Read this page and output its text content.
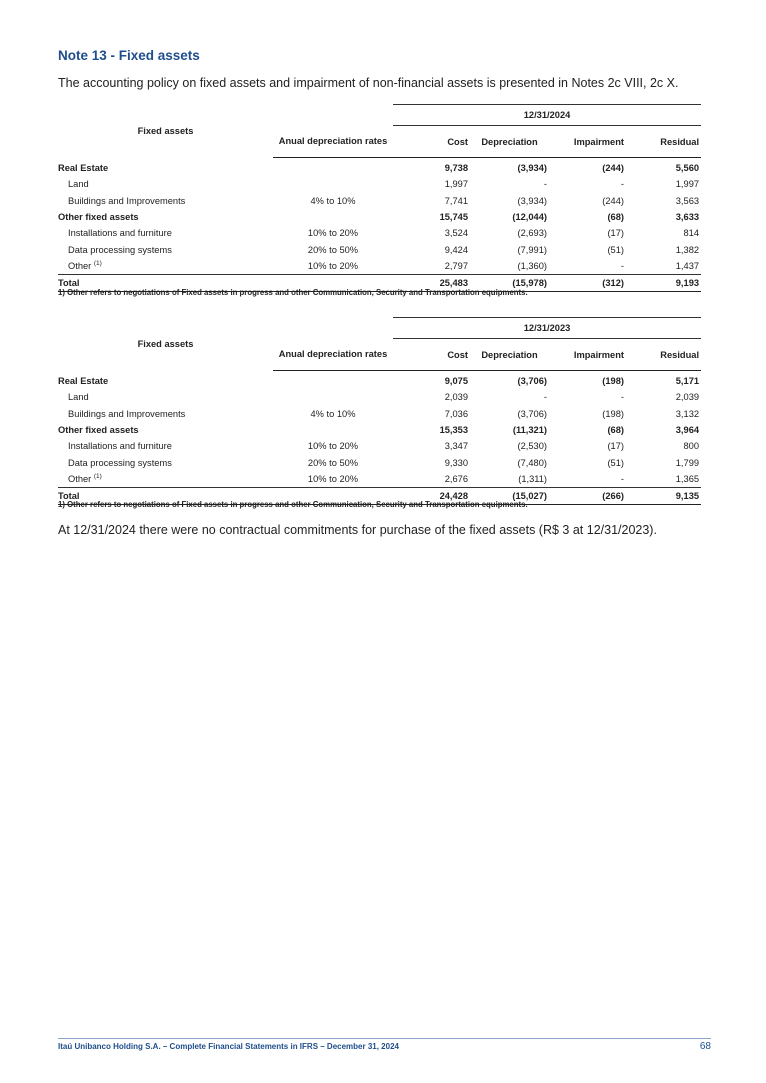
Note 13 - Fixed assets
The accounting policy on fixed assets and impairment of non-financial assets is presented in Notes 2c VIII, 2c X.
Fixed assets		12/31/2024			
	Anual depreciation rates	Cost	Depreciation	Impairment	Residual
Real Estate		9,738	(3,934)	(244)	5,560
Land		1,997	-	-	1,997
Buildings and Improvements	4% to 10%	7,741	(3,934)	(244)	3,563
Other fixed assets		15,745	(12,044)	(68)	3,633
Installations and furniture	10% to 20%	3,524	(2,693)	(17)	814
Data processing systems	20% to 50%	9,424	(7,991)	(51)	1,382
Other $^{(1)}$	10% to 20%	2,797	(1,360)	-	1,437
Total		25,483	(15,978)	(312)	9,193
1) Other refers to negotiations of Fixed assets in progress and other Communication, Security and Transportation equipments.
Fixed assets		12/31/2023			
	Anual depreciation rates	Cost	Depreciation	Impairment	Residual
Real Estate		9,075	(3,706)	(198)	5,171
Land		2,039	-	-	2,039
Buildings and Improvements	4% to 10%	7,036	(3,706)	(198)	3,132
Other fixed assets		15,353	(11,321)	(68)	3,964
Installations and furniture	10% to 20%	3,347	(2,530)	(17)	800
Data processing systems	20% to 50%	9,330	(7,480)	(51)	1,799
Other $^{(1)}$	10% to 20%	2,676	(1,311)	-	1,365
Total		24,428	(15,027)	(266)	9,135
1) Other refers to negotiations of Fixed assets in progress and other Communication, Security and Transportation equipments.
At 12/31/2024 there were no contractual commitments for purchase of the fixed assets (R$ 3 at 12/31/2023).
Itaú Unibanco Holding S.A. – Complete Financial Statements in IFRS – December 31, 2024	68
